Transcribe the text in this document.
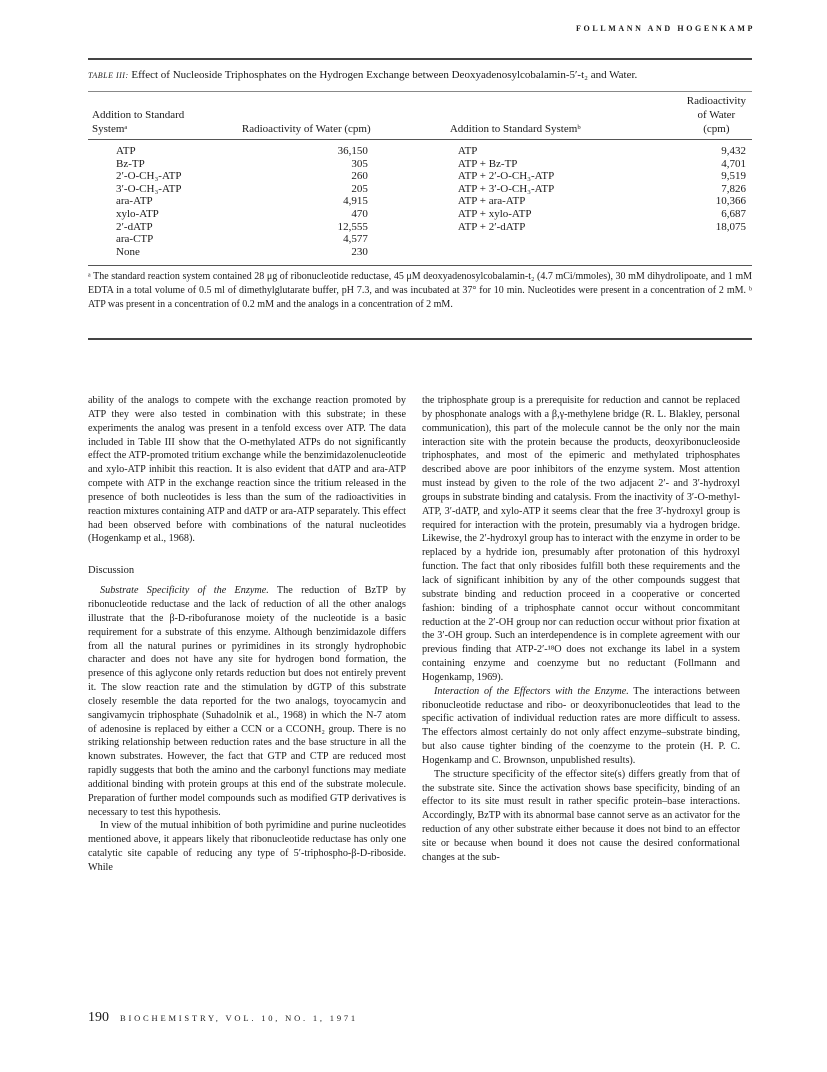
FOLLMANN AND HOGENKAMP
TABLE III: Effect of Nucleoside Triphosphates on the Hydrogen Exchange between Deoxyadenosylcobalamin-5′-t₂ and Water.
Addition to Standard Systemᵃ	Radioactivity of Water (cpm)	Addition to Standard Systemᵇ	Radioactivity of Water (cpm)
ATP	36,150	ATP	9,432
Bz-TP	305	ATP + Bz-TP	4,701
2′-O-CH₃-ATP	260	ATP + 2′-O-CH₃-ATP	9,519
3′-O-CH₃-ATP	205	ATP + 3′-O-CH₃-ATP	7,826
ara-ATP	4,915	ATP + ara-ATP	10,366
xylo-ATP	470	ATP + xylo-ATP	6,687
2′-dATP	12,555	ATP + 2′-dATP	18,075
ara-CTP	4,577		
None	230		
ᵃ The standard reaction system contained 28 μg of ribonucleotide reductase, 45 μM deoxyadenosylcobalamin-t₂ (4.7 mCi/mmoles), 30 mM dihydrolipoate, and 1 mM EDTA in a total volume of 0.5 ml of dimethylglutarate buffer, pH 7.3, and was incubated at 37° for 10 min. Nucleotides were present in a concentration of 2 mM. ᵇ ATP was present in a concentration of 0.2 mM and the analogs in a concentration of 2 mM.

ability of the analogs to compete with the exchange reaction promoted by ATP they were also tested in combination with this substrate; in these experiments the analog was present in a tenfold excess over ATP. The data included in Table III show that the O-methylated ATPs do not significantly effect the ATP-promoted tritium exchange while the benzimidazolenucleotide and xylo-ATP inhibit this reaction. It is also evident that dATP and ara-ATP compete with ATP in the exchange reaction since the tritium released in the presence of both nucleotides is less than the sum of the radioactivities in reaction mixtures containing ATP and dATP or ara-ATP separately. This effect had been observed before with combinations of the natural nucleotides (Hogenkamp et al., 1968).

Discussion

Substrate Specificity of the Enzyme. The reduction of BzTP by ribonucleotide reductase and the lack of reduction of all the other analogs illustrate that the β-D-ribofuranose moiety of the nucleotide is a basic requirement for a substrate of this enzyme. Although benzimidazole differs from all the natural purines or pyrimidines in its strongly hydrophobic character and does not have any site for hydrogen bond formation, the presence of this aglycone only retards reduction but does not entirely prevent it. The slow reaction rate and the stimulation by dGTP of this substrate closely resemble the data reported for the two analogs, toyocamycin and sangivamycin triphosphate (Suhadolnik et al., 1968) in which the N-7 atom of adenosine is replaced by either a CCN or a CCONH₂ group. There is no striking relationship between reduction rates and the base structure in all the known substrates. However, the fact that GTP and CTP are reduced most rapidly suggests that both the amino and the carbonyl functions may mediate additional binding with protein groups at this end of the substrate molecule. Preparation of further model compounds such as modified GTP derivatives is necessary to test this hypothesis.

In view of the mutual inhibition of both pyrimidine and purine nucleotides mentioned above, it appears likely that ribonucleotide reductase has only one catalytic site capable of reducing any type of 5′-triphospho-β-D-riboside. While

the triphosphate group is a prerequisite for reduction and cannot be replaced by phosphonate analogs with a β,γ-methylene bridge (R. L. Blakley, personal communication), this part of the molecule cannot be the only nor the main interaction site with the protein because the products, deoxyribonucleoside triphosphates, and most of the epimeric and methylated triphosphates described above are poor inhibitors of the enzyme system. Most attention must instead by given to the role of the two adjacent 2′- and 3′-hydroxyl groups in substrate binding and catalysis. From the inactivity of 3′-O-methyl-ATP, 3′-dATP, and xylo-ATP it seems clear that the free 3′-hydroxyl group is required for interaction with the protein, presumably via a hydrogen bridge. Likewise, the 2′-hydroxyl group has to interact with the enzyme in order to be replaced by a hydride ion, presumably after protonation of this hydroxyl function. The fact that only ribosides fulfill both these requirements and the lack of significant inhibition by any of the other compounds suggest that substrate binding and reduction proceed in a cooperative or concerted fashion: binding of a triphosphate cannot occur without concommitant reduction at the 2′-OH group nor can reduction occur without prior fixation at the 3′-OH group. Such an interdependence is in complete agreement with our previous finding that ATP-2′-¹⁸O does not exchange its label in a system containing enzyme and coenzyme but no reductant (Follmann and Hogenkamp, 1969).

Interaction of the Effectors with the Enzyme. The interactions between ribonucleotide reductase and ribo- or deoxyribonucleotides that lead to the specific activation of individual reduction rates are more difficult to assess. The effectors almost certainly do not only affect enzyme–substrate binding, but also cause tighter binding of the coenzyme to the protein (H. P. C. Hogenkamp and C. Brownson, unpublished results).

The structure specificity of the effector site(s) differs greatly from that of the substrate site. Since the activation shows base specificity, binding of an effector to its site must result in rather specific protein–base interactions. Accordingly, BzTP with its abnormal base cannot serve as an activator for the reduction of any other substrate either because it does not bind to an effector site or because when bound it does not cause the desired conformational changes at the sub-

190 BIOCHEMISTRY, VOL. 10, NO. 1, 1971
